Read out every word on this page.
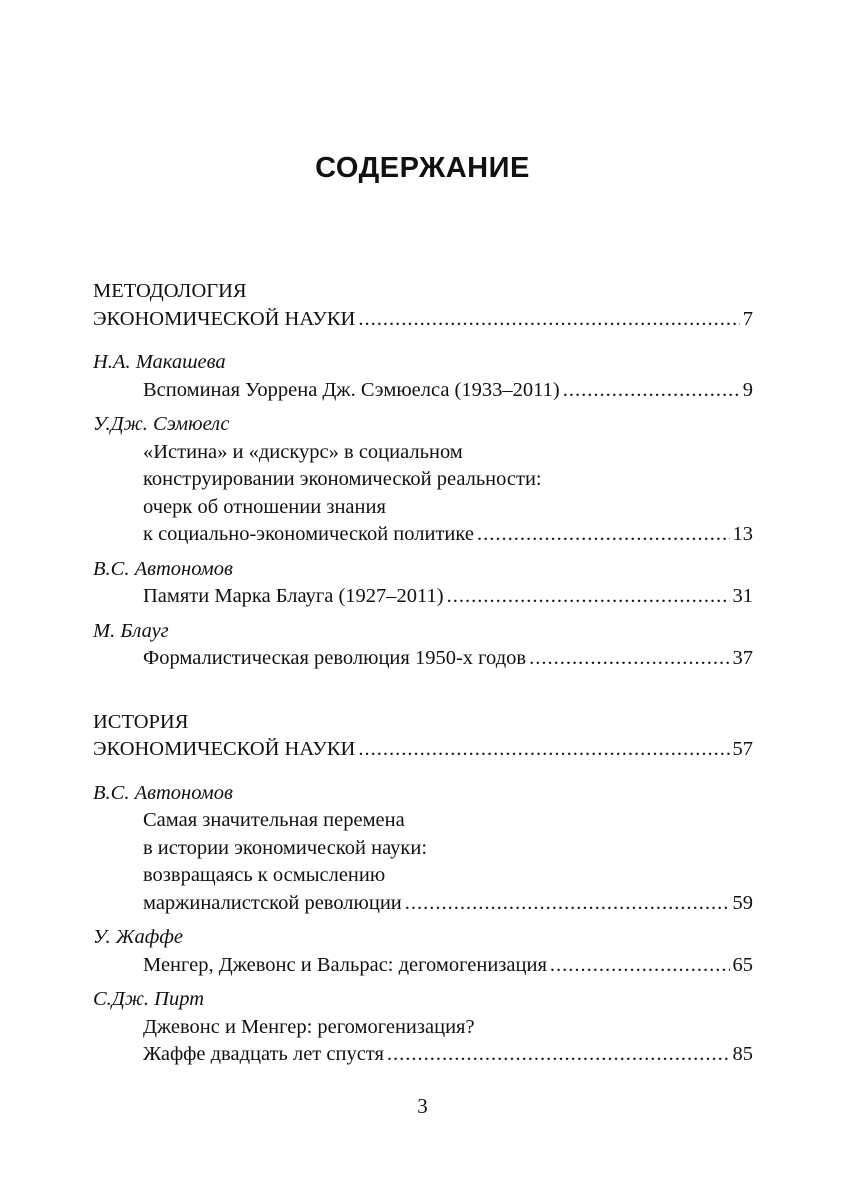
СОДЕРЖАНИЕ
МЕТОДОЛОГИЯ
ЭКОНОМИЧЕСКОЙ НАУКИ .....	7
Н.А. Макашева
Вспоминая Уоррена Дж. Сэмюелса (1933–2011) .....	9
У.Дж. Сэмюелс
«Истина» и «дискурс» в социальном
конструировании экономической реальности:
очерк об отношении знания
к социально-экономической политике .....	13
В.С. Автономов
Памяти Марка Блауга (1927–2011) .....	31
М. Блауг
Формалистическая революция 1950-х годов .....	37
ИСТОРИЯ
ЭКОНОМИЧЕСКОЙ НАУКИ .....	57
В.С. Автономов
Самая значительная перемена
в истории экономической науки:
возвращаясь к осмыслению
маржиналистской революции .....	59
У. Жаффе
Менгер, Джевонс и Вальрас: дегомогенизация .....	65
С.Дж. Пирт
Джевонс и Менгер: регомогенизация?
Жаффе двадцать лет спустя .....	85
3
